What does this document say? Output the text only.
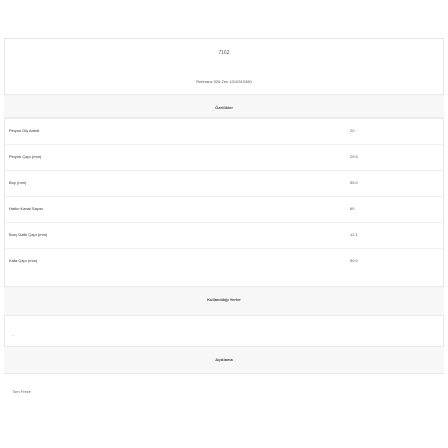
7162
Referans 526 Zen 1010310380
Özellikler
Pinyon Diş Adedi	20
Pinyon Çapı (mm)	29.5
Boy (mm)	55.0
Hatlın Kanal Sayısı	60
Burç Dalik Çapı (mm)	12.1
Kafa Çapı (mm)	50.0
Kullanıldığı Yerler
-
Açıklama
Tom Freze
